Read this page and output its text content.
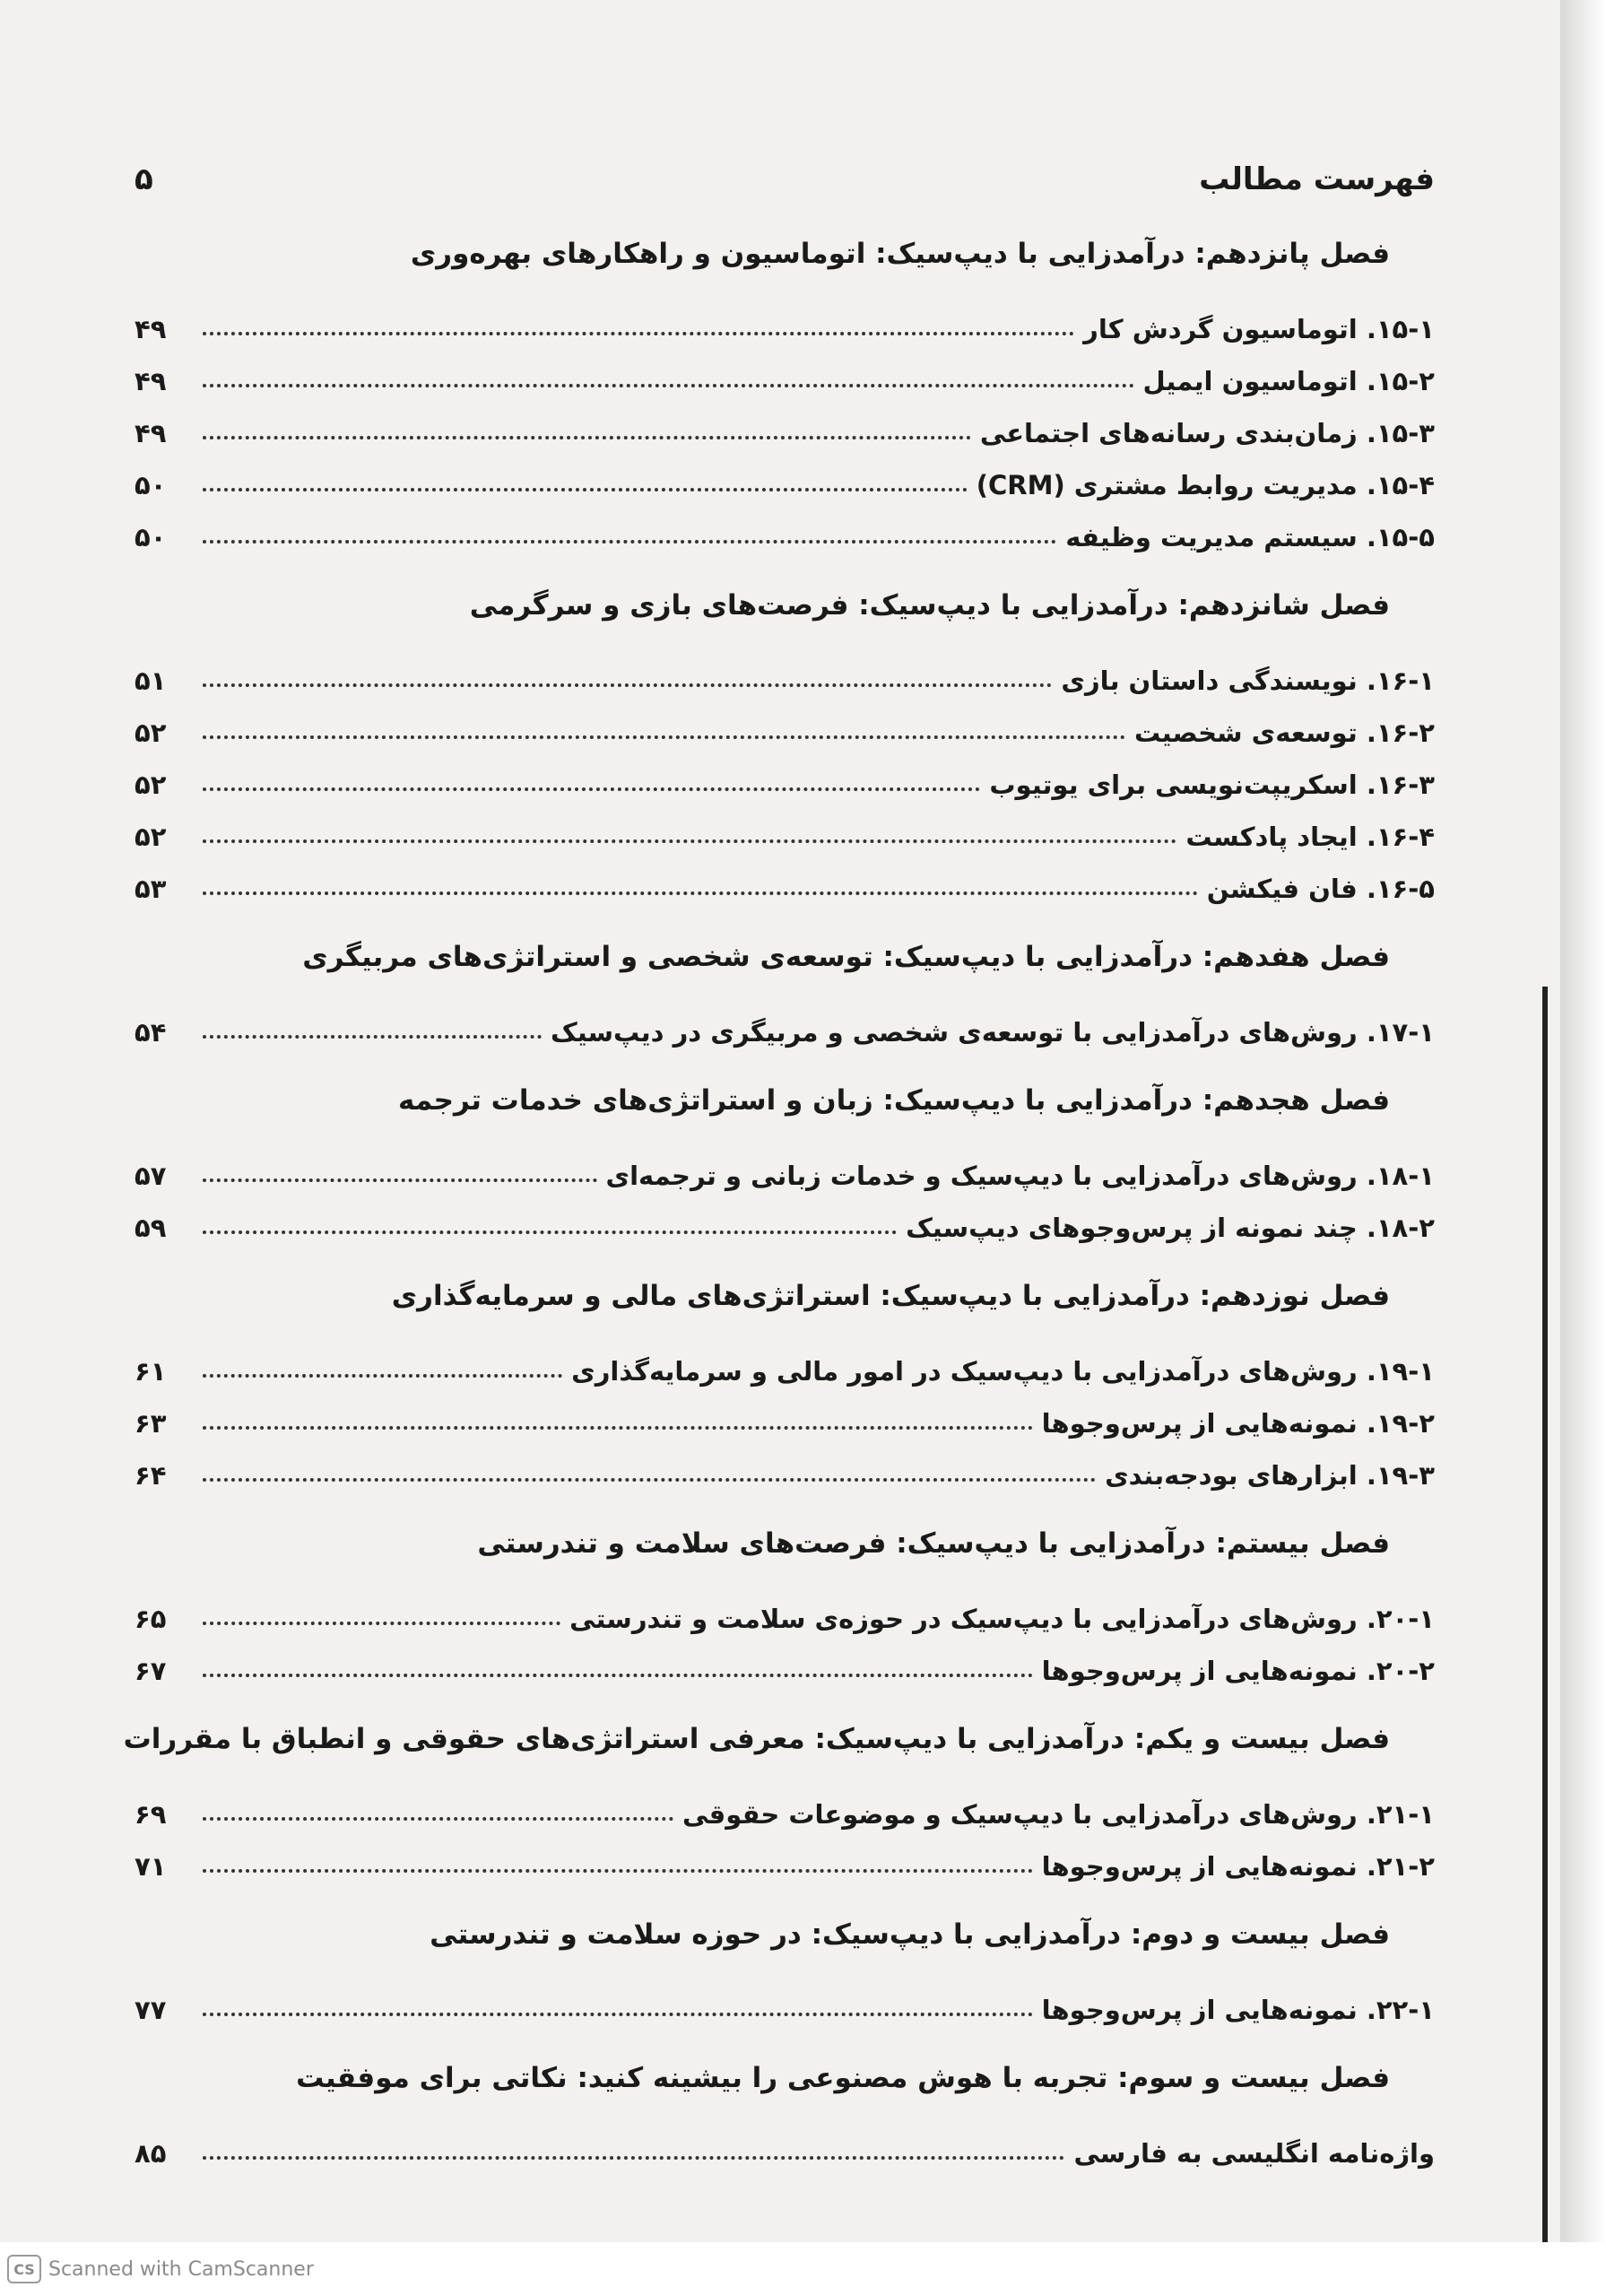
فهرست مطالب
۵
فصل پانزدهم: درآمدزایی با دیپ‌سیک: اتوماسیون و راهکارهای بهره‌وری
۱۵-۱. اتوماسیون گردش کار
۴۹
۱۵-۲. اتوماسیون ایمیل
۴۹
۱۵-۳. زمان‌بندی رسانه‌های اجتماعی
۴۹
۱۵-۴. مدیریت روابط مشتری (CRM)
۵۰
۱۵-۵. سیستم مدیریت وظیفه
۵۰
فصل شانزدهم: درآمدزایی با دیپ‌سیک: فرصت‌های بازی و سرگرمی
۱۶-۱. نویسندگی داستان بازی
۵۱
۱۶-۲. توسعه‌ی شخصیت
۵۲
۱۶-۳. اسکریپت‌نویسی برای یوتیوب
۵۲
۱۶-۴. ایجاد پادکست
۵۲
۱۶-۵. فان فیکشن
۵۳
فصل هفدهم: درآمدزایی با دیپ‌سیک: توسعه‌ی شخصی و استراتژی‌های مربیگری
۱۷-۱. روش‌های درآمدزایی با توسعه‌ی شخصی و مربیگری در دیپ‌سیک
۵۴
فصل هجدهم: درآمدزایی با دیپ‌سیک: زبان و استراتژی‌های خدمات ترجمه
۱۸-۱. روش‌های درآمدزایی با دیپ‌سیک و خدمات زبانی و ترجمه‌ای
۵۷
۱۸-۲. چند نمونه از پرس‌وجوهای دیپ‌سیک
۵۹
فصل نوزدهم: درآمدزایی با دیپ‌سیک: استراتژی‌های مالی و سرمایه‌گذاری
۱۹-۱. روش‌های درآمدزایی با دیپ‌سیک در امور مالی و سرمایه‌گذاری
۶۱
۱۹-۲. نمونه‌هایی از پرس‌وجوها
۶۳
۱۹-۳. ابزارهای بودجه‌بندی
۶۴
فصل بیستم: درآمدزایی با دیپ‌سیک: فرصت‌های سلامت و تندرستی
۲۰-۱. روش‌های درآمدزایی با دیپ‌سیک در حوزه‌ی سلامت و تندرستی
۶۵
۲۰-۲. نمونه‌هایی از پرس‌وجوها
۶۷
فصل بیست و یکم: درآمدزایی با دیپ‌سیک: معرفی استراتژی‌های حقوقی و انطباق با مقررات
۲۱-۱. روش‌های درآمدزایی با دیپ‌سیک و موضوعات حقوقی
۶۹
۲۱-۲. نمونه‌هایی از پرس‌وجوها
۷۱
فصل بیست و دوم: درآمدزایی با دیپ‌سیک: در حوزه سلامت و تندرستی
۲۲-۱. نمونه‌هایی از پرس‌وجوها
۷۷
فصل بیست و سوم: تجربه با هوش مصنوعی را بیشینه کنید: نکاتی برای موفقیت
واژه‌نامه انگلیسی به فارسی
۸۵
CS Scanned with CamScanner
